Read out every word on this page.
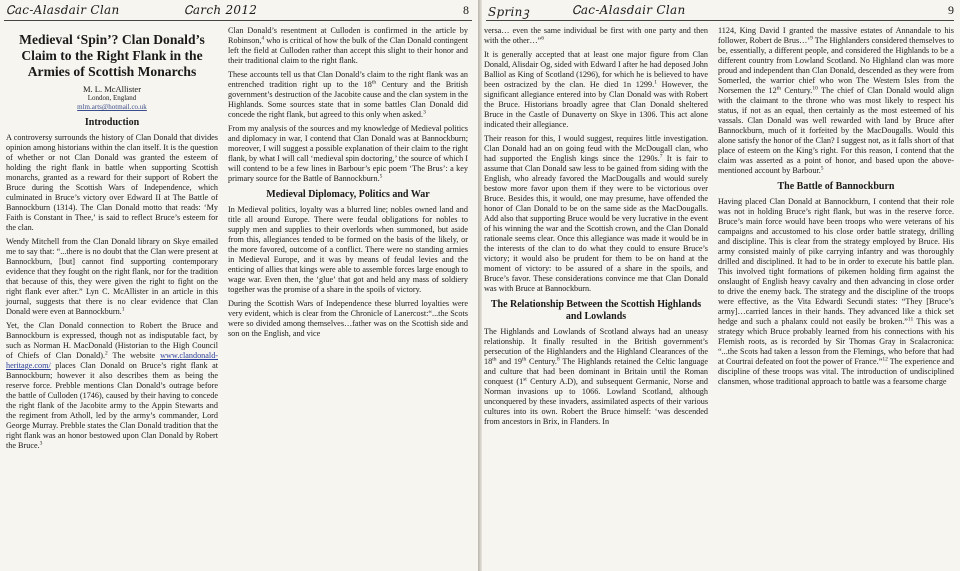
Ꮯac-Alasdair Clan	Ꮯarch 2012	8
Medieval ‘Spin’? Clan Donald’s Claim to the Right Flank in the Armies of Scottish Monarchs
M. L. McAllister
London, England
mlm.arts@hotmail.co.uk
Introduction

A controversy surrounds the history of Clan Donald that divides opinion among historians within the clan itself. It is the question of whether or not Clan Donald was granted the esteem of holding the right flank in battle when supporting Scottish monarchs, granted as a reward for their support of Robert the Bruce during the Scottish Wars of Independence, which culminated in Bruce’s victory over Edward II at The Battle of Bannockburn (1314). The Clan Donald motto that reads: ‘My Faith is Constant in Thee,’ is said to reflect Bruce’s esteem for the clan.

Wendy Mitchell from the Clan Donald library on Skye emailed me to say that: “...there is no doubt that the Clan were present at Bannockburn, [but] cannot find supporting contemporary evidence that they fought on the right flank, nor for the tradition that because of this, they were given the right to fight on the right flank ever after.” Lyn C. McAllister in an article in this journal, suggests that there is no clear evidence that Clan Donald were even at Bannockburn.$^1$

Yet, the Clan Donald connection to Robert the Bruce and Bannockburn is expressed, though not as indisputable fact, by such as Norman H. MacDonald (Historian to the High Council of Chiefs of Clan Donald).$^2$ The website www.clandonald-heritage.com/ places Clan Donald on Bruce’s right flank at Bannockburn; however it also describes them as being the reserve force. Prebble mentions Clan Donald’s outrage before the battle of Culloden (1746), caused by their having to concede the right flank of the Jacobite army to the Appin Stewarts and the regiment from Atholl, led by the army’s commander, Lord George Murray. Prebble states the Clan Donald tradition that the right flank was an honor bestowed upon Clan Donald by Robert the Bruce.$^3$

Clan Donald’s resentment at Culloden is confirmed in the article by Robinson,$^4$ who is critical of how the bulk of the Clan Donald contingent left the field at Culloden rather than accept this slight to their honor and their traditional claim to the right flank.

These accounts tell us that Clan Donald’s claim to the right flank was an entrenched tradition right up to the 18th Century and the British government’s destruction of the Jacobite cause and the clan system in the Highlands. Some sources state that in some battles Clan Donald did concede the right flank, but agreed to this only when asked.$^3$

From my analysis of the sources and my knowledge of Medieval politics and diplomacy in war, I contend that Clan Donald was at Bannockburn; moreover, I will suggest a possible explanation of their claim to the right flank, by what I will call ‘medieval spin doctoring,’ the source of which I will contend to be a few lines in Barbour’s epic poem ‘The Brus’: a key primary source for the Battle of Bannockburn.$^5$

Medieval Diplomacy, Politics and War

In Medieval politics, loyalty was a blurred line; nobles owned land and title all around Europe. There were feudal obligations for nobles to supply men and supplies to their overlords when summoned, but aside from this, allegiances tended to be formed on the basis of the likely, or the more favored, outcome of a conflict. There were no standing armies in Medieval Europe, and it was by means of feudal levies and the enticing of allies that kings were able to assemble forces large enough to wage war. Even then, the ‘glue’ that got and held any mass of soldiery together was the promise of a share in the spoils of victory.

During the Scottish Wars of Independence these blurred loyalties were very evident, which is clear from the Chronicle of Lanercost:“...the Scots were so divided among themselves…father was on the Scottish side and son on the English, and vice

Sprinꝫ	Ꮯac-Alasdair Clan	9

versa… even the same individual be first with one party and then with the other…”$^6$

It is generally accepted that at least one major figure from Clan Donald, Alisdair Og, sided with Edward I after he had deposed John Balliol as King of Scotland (1296), for which he is believed to have been ostracized by the clan. He died 1n 1299.$^1$ However, the significant allegiance entered into by Clan Donald was with Robert the Bruce. Historians broadly agree that Clan Donald sheltered Bruce in the Castle of Dunaverty on Skye in 1306. This act alone indicated their allegiance.

Their reason for this, I would suggest, requires little investigation. Clan Donald had an on going feud with the McDougall clan, who had supported the English kings since the 1290s.$^7$ It is fair to assume that Clan Donald saw less to be gained from siding with the English, who already favored the MacDougalls and would surely bestow more favor upon them if they were to be victorious over Bruce. Besides this, it would, one may presume, have offended the honor of Clan Donald to be on the same side as the MacDougalls. Add also that supporting Bruce would be very lucrative in the event of his winning the war and the Scottish crown, and the Clan Donald rationale seems clear. Once this allegiance was made it would be in the interests of the clan to do what they could to ensure Bruce’s victory; it would also be prudent for them to be on hand at the moment of victory: to be assured of a share in the spoils, and Bruce’s favor. These considerations convince me that Clan Donald was with Bruce at Bannockburn.

The Relationship Between the Scottish Highlands and Lowlands

The Highlands and Lowlands of Scotland always had an uneasy relationship. It finally resulted in the British government’s persecution of the Highlanders and the Highland Clearances of the 18th and 19th Century.$^8$ The Highlands retained the Celtic language and culture that had been dominant in Britain until the Roman conquest (1st Century A.D), and subsequent Germanic, Norse and Norman invasions up to 1066. Lowland Scotland, although unconquered by these invaders, assimilated aspects of their various cultures into its own. Robert the Bruce himself: ‘was descended from ancestors in Brix, in Flanders. In

1124, King David I granted the massive estates of Annandale to his follower, Robert de Brus…’$^9$ The Highlanders considered themselves to be, essentially, a different people, and considered the Highlands to be a different country from Lowland Scotland. No Highland clan was more proud and independent than Clan Donald, descended as they were from Somerled, the warrior chief who won The Western Isles from the Norsemen the 12th Century.$^{10}$ The chief of Clan Donald would align with the claimant to the throne who was most likely to respect his status, if not as an equal, then certainly as the most esteemed of his vassals. Clan Donald was well rewarded with land by Bruce after Bannockburn, much of it forfeited by the MacDougalls. Would this alone satisfy the honor of the Clan? I suggest not, as it falls short of that place of esteem on the King’s right. For this reason, I contend that the claim was asserted as a point of honor, and based upon the above-mentioned account by Barbour.$^5$

The Battle of Bannockburn

Having placed Clan Donald at Bannockburn, I contend that their role was not in holding Bruce’s right flank, but was in the reserve force. Bruce’s main force would have been troops who were veterans of his campaigns and accustomed to his close order battle strategy, drilling and discipline. This is clear from the strategy employed by Bruce. His army consisted mainly of pike carrying infantry and was thoroughly drilled and disciplined. It had to be in order to execute his battle plan. This involved tight formations of pikemen holding firm against the onslaught of English heavy cavalry and then advancing in close order to drive the enemy back. The strategy and the discipline of the troops were effective, as the Vita Edwardi Secundi states: “They [Bruce’s army]…carried lances in their hands. They advanced like a thick set hedge and such a phalanx could not easily be broken.”$^{11}$ This was a strategy which Bruce probably learned from his connections with his Flemish roots, as is recorded by Sir Thomas Gray in Scalacronica: “...the Scots had taken a lesson from the Flemings, who before that had at Courtrai defeated on foot the power of France.”$^{12}$ The experience and discipline of these troops was vital. The introduction of undisciplined clansmen, whose traditional approach to battle was a fearsome charge
